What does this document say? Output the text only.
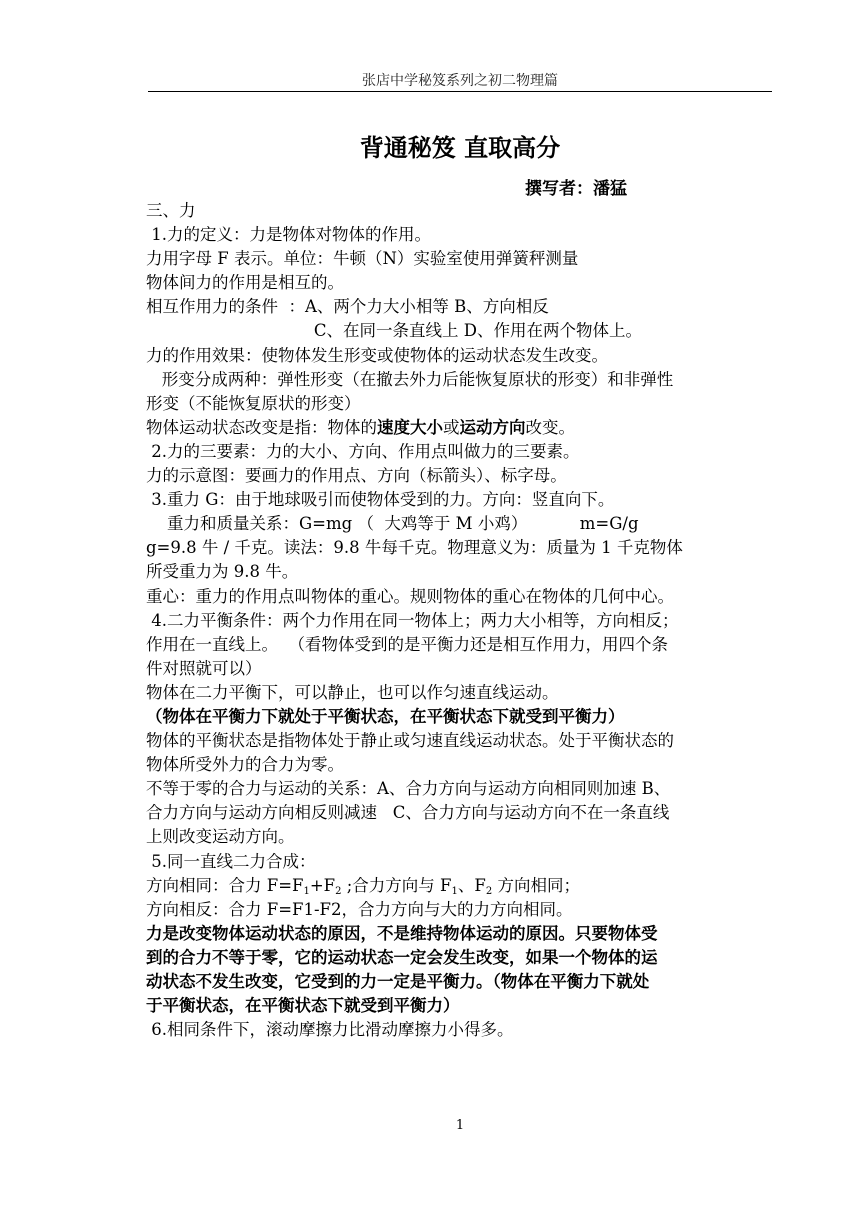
张店中学秘笈系列之初二物理篇
背通秘笈 直取高分
撰写者：潘猛

三、力

1.力的定义：力是物体对物体的作用。

力用字母 F 表示。单位：牛顿（N）实验室使用弹簧秤测量

物体间力的作用是相互的。

相互作用力的条件  ：A、两个力大小相等 B、方向相反

C、在同一条直线上 D、作用在两个物体上。

力的作用效果：使物体发生形变或使物体的运动状态发生改变。

形变分成两种：弹性形变（在撤去外力后能恢复原状的形变）和非弹性

形变（不能恢复原状的形变）

物体运动状态改变是指：物体的速度大小或运动方向改变。

2.力的三要素：力的大小、方向、作用点叫做力的三要素。

力的示意图：要画力的作用点、方向（标箭头）、标字母。

3.重力 G：由于地球吸引而使物体受到的力。方向：竖直向下。

重力和质量关系：G=mg （  大鸡等于 M 小鸡）          m=G/g

g=9.8 牛 / 千克。读法：9.8 牛每千克。物理意义为：质量为 1 千克物体

所受重力为 9.8 牛。

重心：重力的作用点叫物体的重心。规则物体的重心在物体的几何中心。

4.二力平衡条件：两个力作用在同一物体上；两力大小相等，方向相反；

作用在一直线上。  （看物体受到的是平衡力还是相互作用力，用四个条

件对照就可以）

物体在二力平衡下，可以静止，也可以作匀速直线运动。

（物体在平衡力下就处于平衡状态，在平衡状态下就受到平衡力）

物体的平衡状态是指物体处于静止或匀速直线运动状态。处于平衡状态的

物体所受外力的合力为零。

不等于零的合力与运动的关系：A、合力方向与运动方向相同则加速 B、

合力方向与运动方向相反则减速   C、合力方向与运动方向不在一条直线

上则改变运动方向。

5.同一直线二力合成：

方向相同：合力 $F=F_1+F_2$ ;合力方向与 $F_1$、$F_2$ 方向相同；

方向相反：合力 F=F1-F2，合力方向与大的力方向相同。

力是改变物体运动状态的原因，不是维持物体运动的原因。只要物体受

到的合力不等于零，它的运动状态一定会发生改变，如果一个物体的运

动状态不发生改变，它受到的力一定是平衡力。（物体在平衡力下就处

于平衡状态，在平衡状态下就受到平衡力）

6.相同条件下，滚动摩擦力比滑动摩擦力小得多。

1
